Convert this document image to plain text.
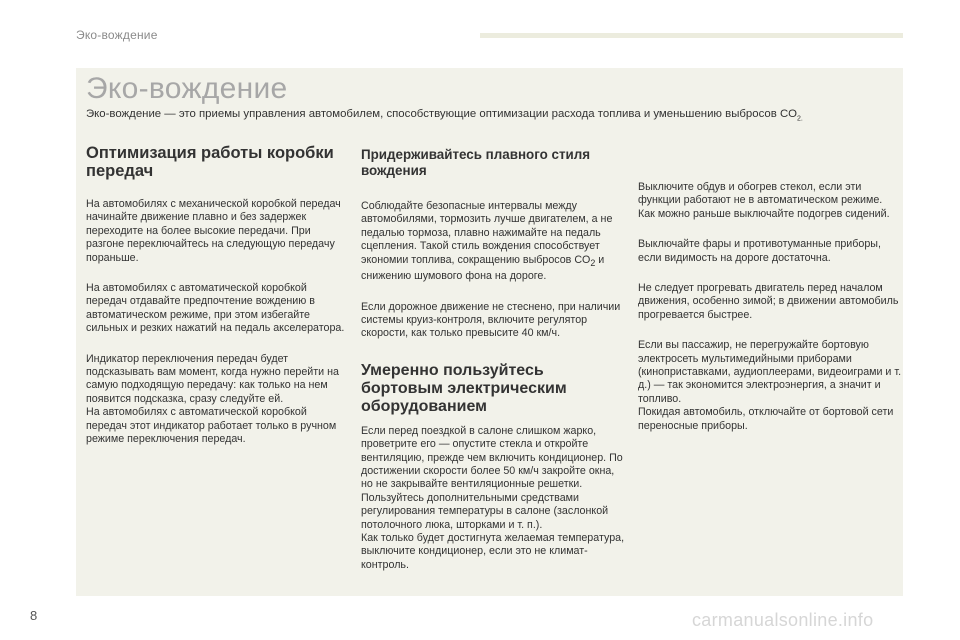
Эко-вождение
Эко-вождение

Эко-вождение — это приемы управления автомобилем, способствующие оптимизации расхода топлива и уменьшению выбросов $CO_{2.}$

Оптимизация работы коробки передач

На автомобилях с механической коробкой передач начинайте движение плавно и без задержек переходите на более высокие передачи. При разгоне переключайтесь на следующую передачу пораньше.

На автомобилях с автоматической коробкой передач отдавайте предпочтение вождению в автоматическом режиме, при этом избегайте сильных и резких нажатий на педаль акселератора.

Индикатор переключения передач будет подсказывать вам момент, когда нужно перейти на самую подходящую передачу: как только на нем появится подсказка, сразу следуйте ей.

На автомобилях с автоматической коробкой передач этот индикатор работает только в ручном режиме переключения передач.

Придерживайтесь плавного стиля вождения

Соблюдайте безопасные интервалы между автомобилями, тормозить лучше двигателем, а не педалью тормоза, плавно нажимайте на педаль сцепления. Такой стиль вождения способствует экономии топлива, сокращению выбросов $CO_2$ и снижению шумового фона на дороге.

Если дорожное движение не стеснено, при наличии системы круиз-контроля, включите регулятор скорости, как только превысите 40 км/ч.

Умеренно пользуйтесь бортовым электрическим оборудованием

Если перед поездкой в салоне слишком жарко, проветрите его — опустите стекла и откройте вентиляцию, прежде чем включить кондиционер. По достижении скорости более 50 км/ч закройте окна, но не закрывайте вентиляционные решетки. Пользуйтесь дополнительными средствами регулирования температуры в салоне (заслонкой потолочного люка, шторками и т. п.).

Как только будет достигнута желаемая температура, выключите кондиционер, если это не климат-контроль.

Выключите обдув и обогрев стекол, если эти функции работают не в автоматическом режиме. Как можно раньше выключайте подогрев сидений.

Выключайте фары и противотуманные приборы, если видимость на дороге достаточна.

Не следует прогревать двигатель перед началом движения, особенно зимой; в движении автомобиль прогревается быстрее.

Если вы пассажир, не перегружайте бортовую электросеть мультимедийными приборами (киноприставками, аудиоплеерами, видеоиграми и т. д.) — так экономится электроэнергия, а значит и топливо.

Покидая автомобиль, отключайте от бортовой сети переносные приборы.

8	carmanualsonline.info
